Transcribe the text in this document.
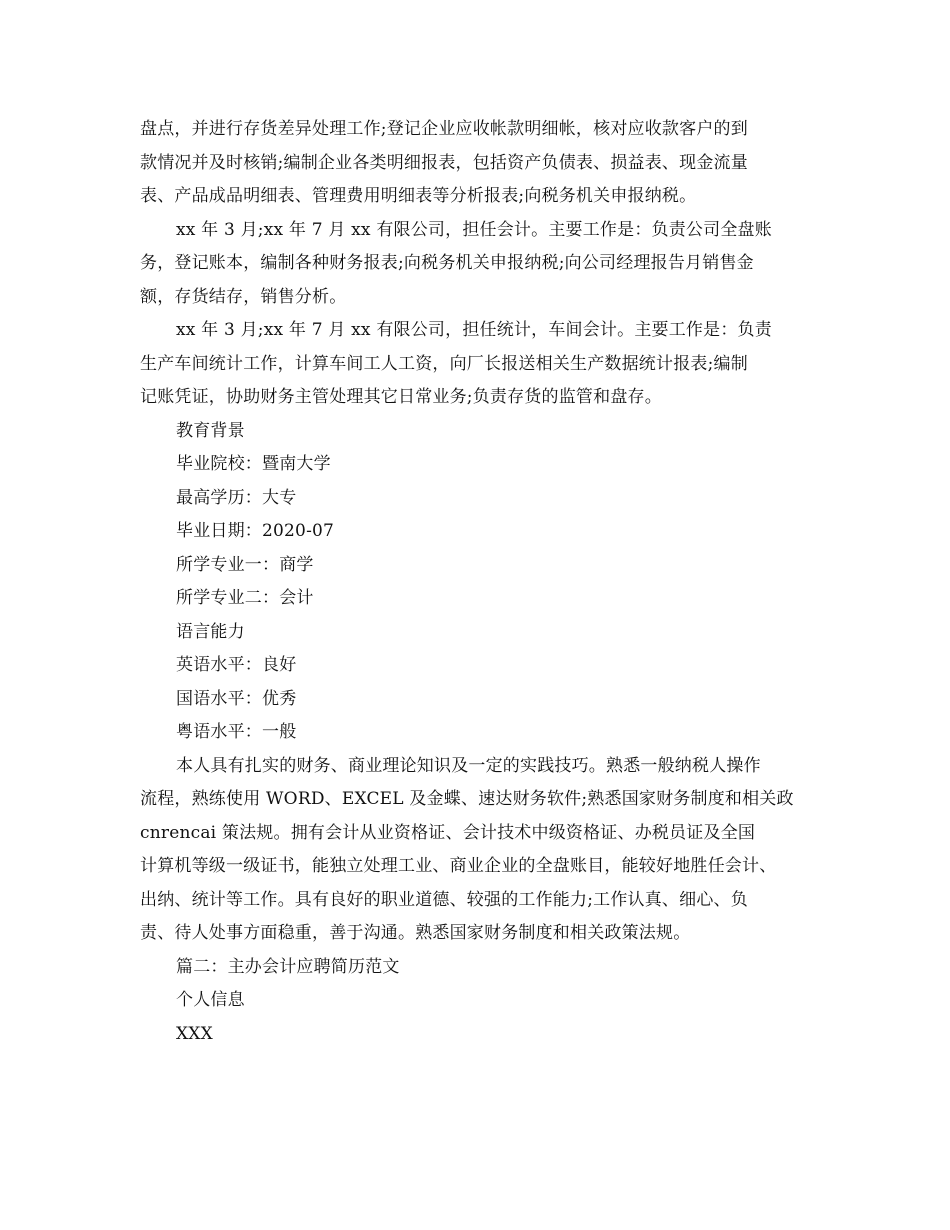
盘点，并进行存货差异处理工作;登记企业应收帐款明细帐，核对应收款客户的到
款情况并及时核销;编制企业各类明细报表，包括资产负债表、损益表、现金流量
表、产品成品明细表、管理费用明细表等分析报表;向税务机关申报纳税。
xx 年 3 月;xx 年 7 月 xx 有限公司，担任会计。主要工作是：负责公司全盘账
务，登记账本，编制各种财务报表;向税务机关申报纳税;向公司经理报告月销售金
额，存货结存，销售分析。
xx 年 3 月;xx 年 7 月 xx 有限公司，担任统计，车间会计。主要工作是：负责
生产车间统计工作，计算车间工人工资，向厂长报送相关生产数据统计报表;编制
记账凭证，协助财务主管处理其它日常业务;负责存货的监管和盘存。
教育背景
毕业院校：暨南大学
最高学历：大专
毕业日期：2020-07
所学专业一：商学
所学专业二：会计
语言能力
英语水平：良好
国语水平：优秀
粤语水平：一般
本人具有扎实的财务、商业理论知识及一定的实践技巧。熟悉一般纳税人操作
流程，熟练使用 WORD、EXCEL 及金蝶、速达财务软件;熟悉国家财务制度和相关政
cnrencai 策法规。拥有会计从业资格证、会计技术中级资格证、办税员证及全国
计算机等级一级证书，能独立处理工业、商业企业的全盘账目，能较好地胜任会计、
出纳、统计等工作。具有良好的职业道德、较强的工作能力;工作认真、细心、负
责、待人处事方面稳重，善于沟通。熟悉国家财务制度和相关政策法规。
篇二：主办会计应聘简历范文
个人信息
XXX
